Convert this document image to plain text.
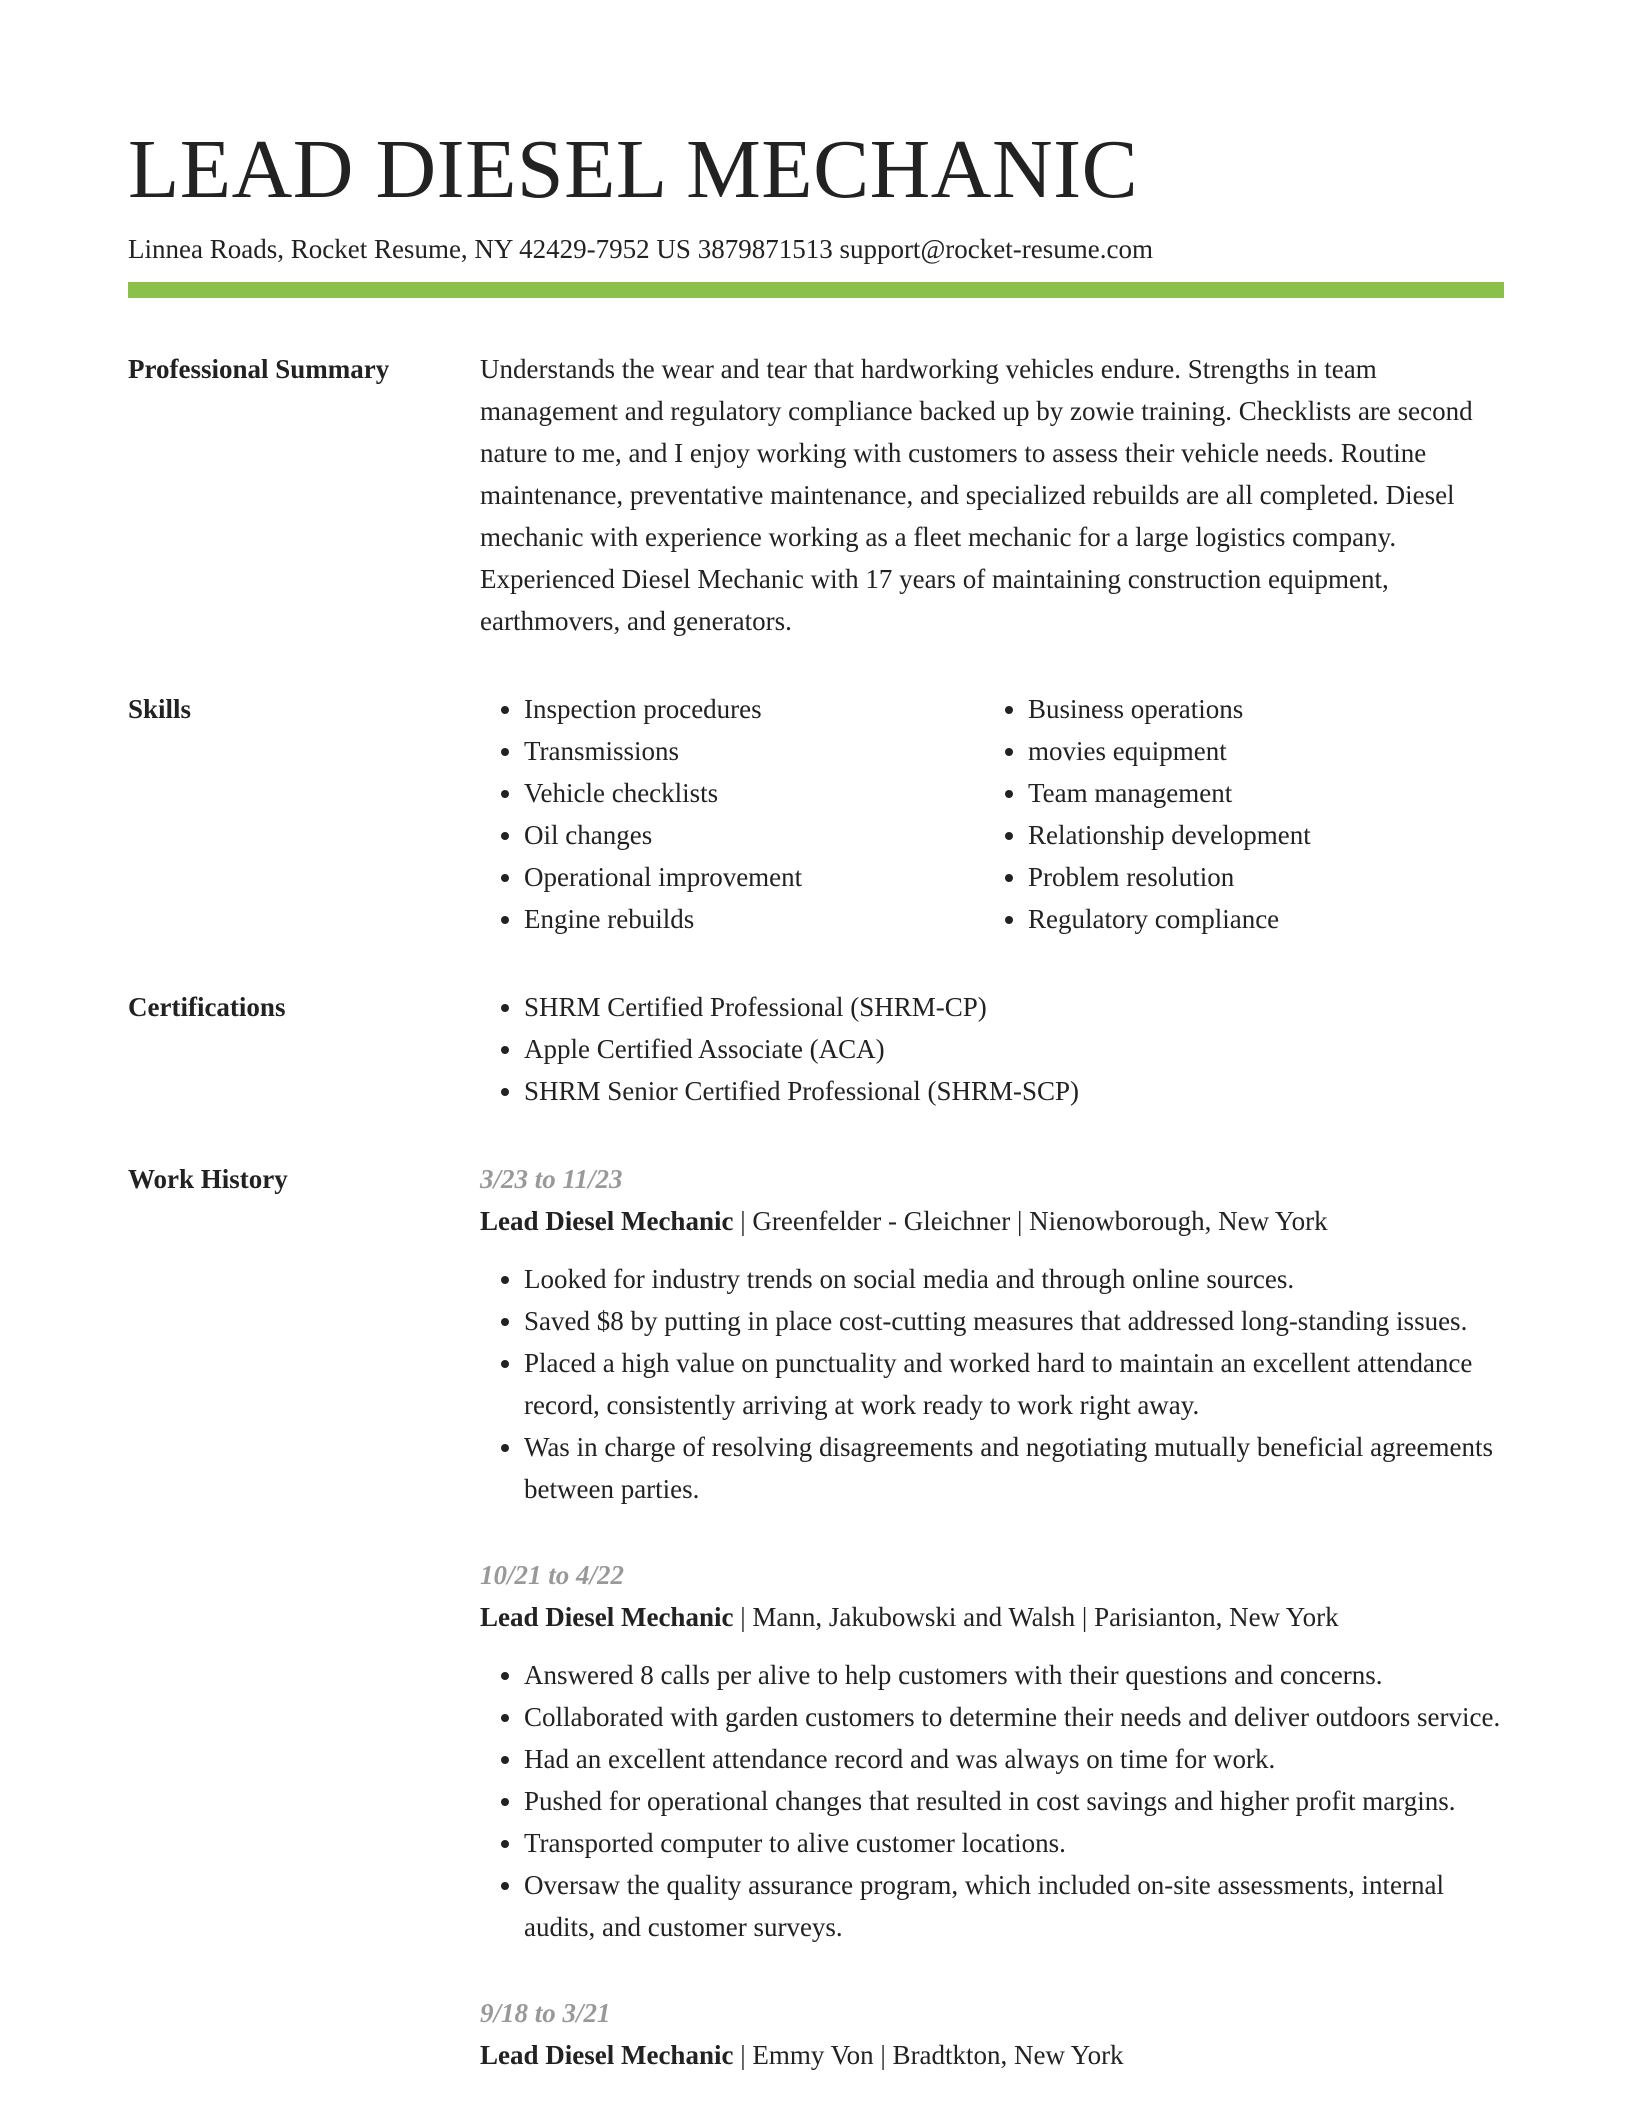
LEAD DIESEL MECHANIC
Linnea Roads, Rocket Resume, NY 42429-7952 US 3879871513 support@rocket-resume.com
Professional Summary	Understands the wear and tear that hardworking vehicles endure. Strengths in team management and regulatory compliance backed up by zowie training. Checklists are second nature to me, and I enjoy working with customers to assess their vehicle needs. Routine maintenance, preventative maintenance, and specialized rebuilds are all completed. Diesel mechanic with experience working as a fleet mechanic for a large logistics company. Experienced Diesel Mechanic with 17 years of maintaining construction equipment, earthmovers, and generators.

Skills	• Inspection procedures
• Transmissions
• Vehicle checklists
• Oil changes
• Operational improvement
• Engine rebuilds
• Business operations
• movies equipment
• Team management
• Relationship development
• Problem resolution
• Regulatory compliance
Certifications	• SHRM Certified Professional (SHRM-CP)
• Apple Certified Associate (ACA)
• SHRM Senior Certified Professional (SHRM-SCP)
Work History	3/23 to 11/23
Lead Diesel Mechanic | Greenfelder - Gleichner | Nienowborough, New York
• Looked for industry trends on social media and through online sources.
• Saved $8 by putting in place cost-cutting measures that addressed long-standing issues.
• Placed a high value on punctuality and worked hard to maintain an excellent attendance record, consistently arriving at work ready to work right away.
• Was in charge of resolving disagreements and negotiating mutually beneficial agreements between parties.
10/21 to 4/22
Lead Diesel Mechanic | Mann, Jakubowski and Walsh | Parisianton, New York
• Answered 8 calls per alive to help customers with their questions and concerns.
• Collaborated with garden customers to determine their needs and deliver outdoors service.
• Had an excellent attendance record and was always on time for work.
• Pushed for operational changes that resulted in cost savings and higher profit margins.
• Transported computer to alive customer locations.
• Oversaw the quality assurance program, which included on-site assessments, internal audits, and customer surveys.
9/18 to 3/21
Lead Diesel Mechanic | Emmy Von | Bradtkton, New York
